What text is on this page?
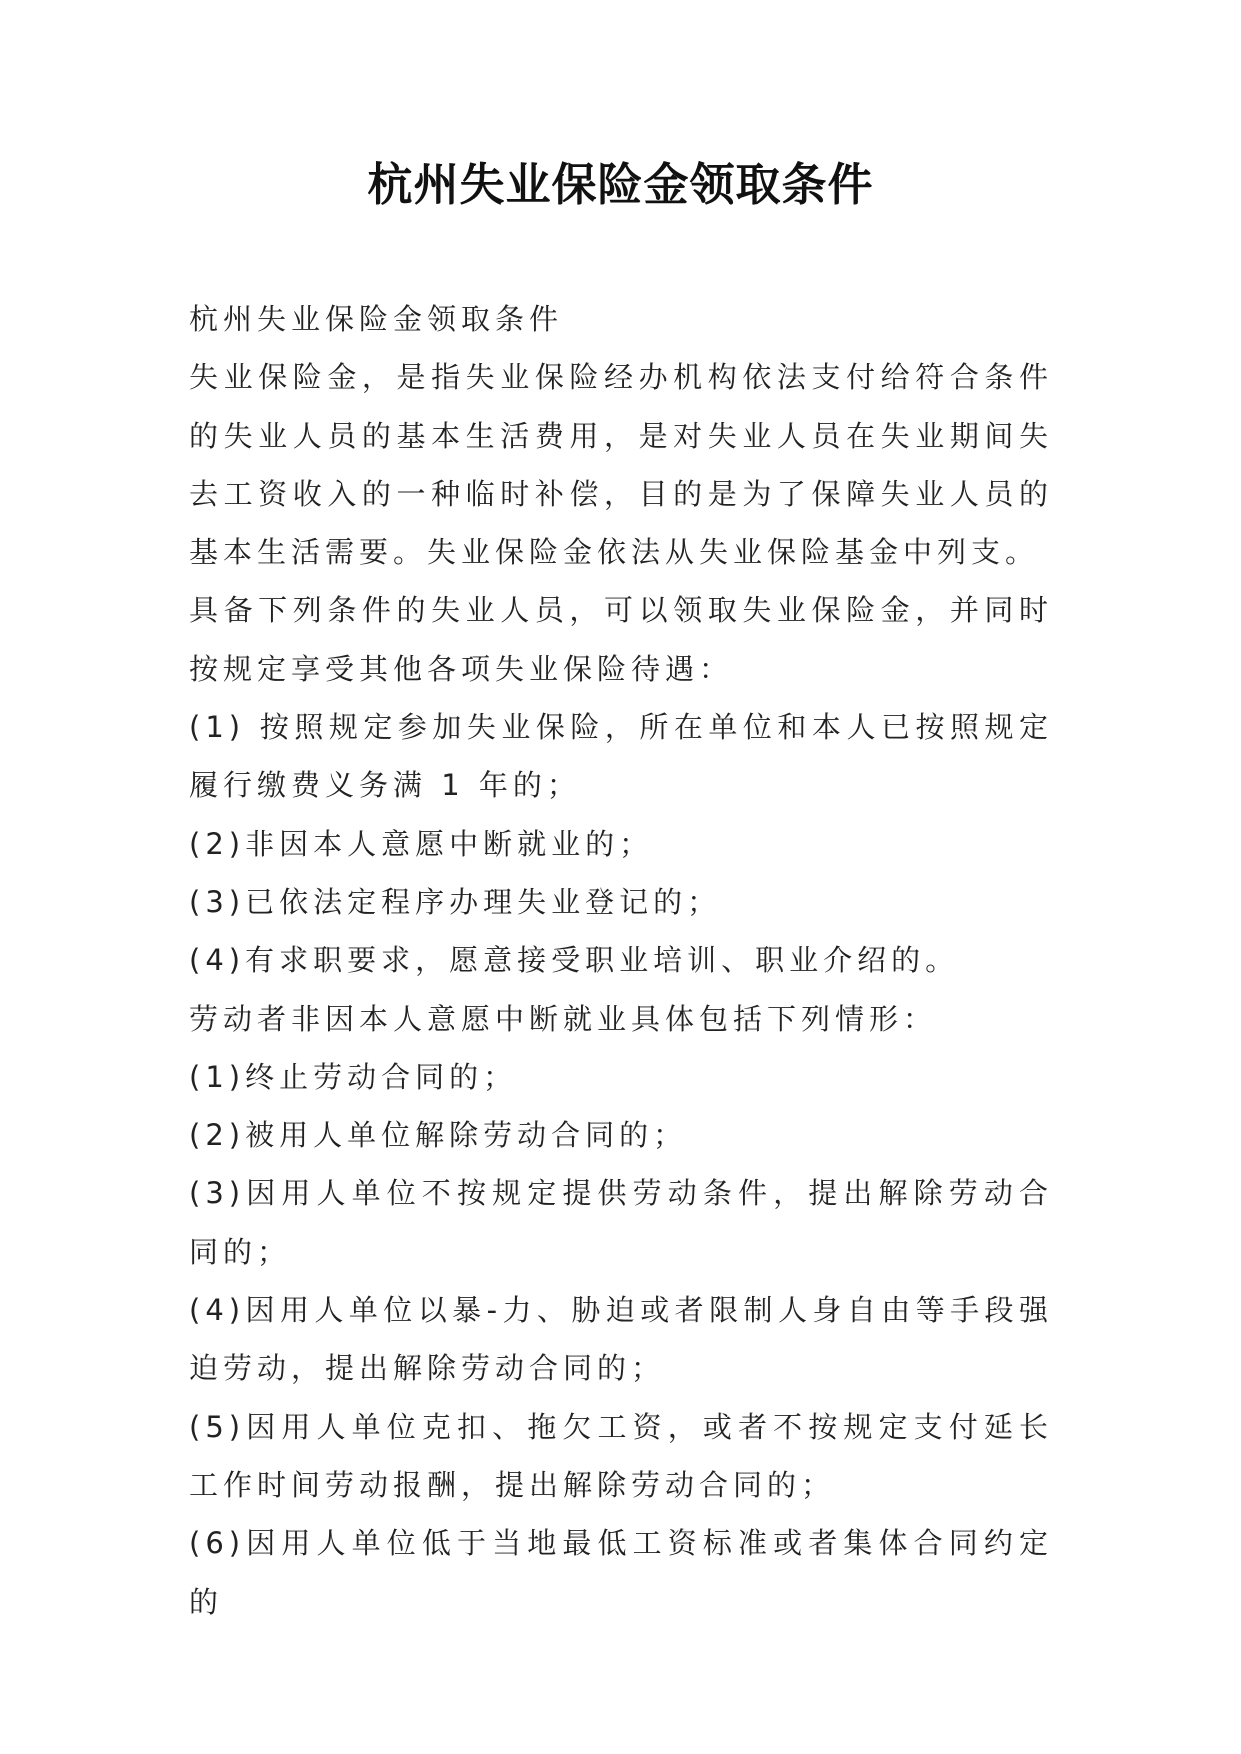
杭州失业保险金领取条件

杭州失业保险金领取条件

失业保险金，是指失业保险经办机构依法支付给符合条件的失业人员的基本生活费用，是对失业人员在失业期间失去工资收入的一种临时补偿，目的是为了保障失业人员的基本生活需要。失业保险金依法从失业保险基金中列支。

具备下列条件的失业人员，可以领取失业保险金，并同时按规定享受其他各项失业保险待遇：

(1) 按照规定参加失业保险，所在单位和本人已按照规定履行缴费义务满 1 年的；

(2)非因本人意愿中断就业的；

(3)已依法定程序办理失业登记的；

(4)有求职要求，愿意接受职业培训、职业介绍的。

劳动者非因本人意愿中断就业具体包括下列情形：

(1)终止劳动合同的；

(2)被用人单位解除劳动合同的；

(3)因用人单位不按规定提供劳动条件，提出解除劳动合同的；

(4)因用人单位以暴-力、胁迫或者限制人身自由等手段强迫劳动，提出解除劳动合同的；

(5)因用人单位克扣、拖欠工资，或者不按规定支付延长工作时间劳动报酬，提出解除劳动合同的；

(6)因用人单位低于当地最低工资标准或者集体合同约定的
